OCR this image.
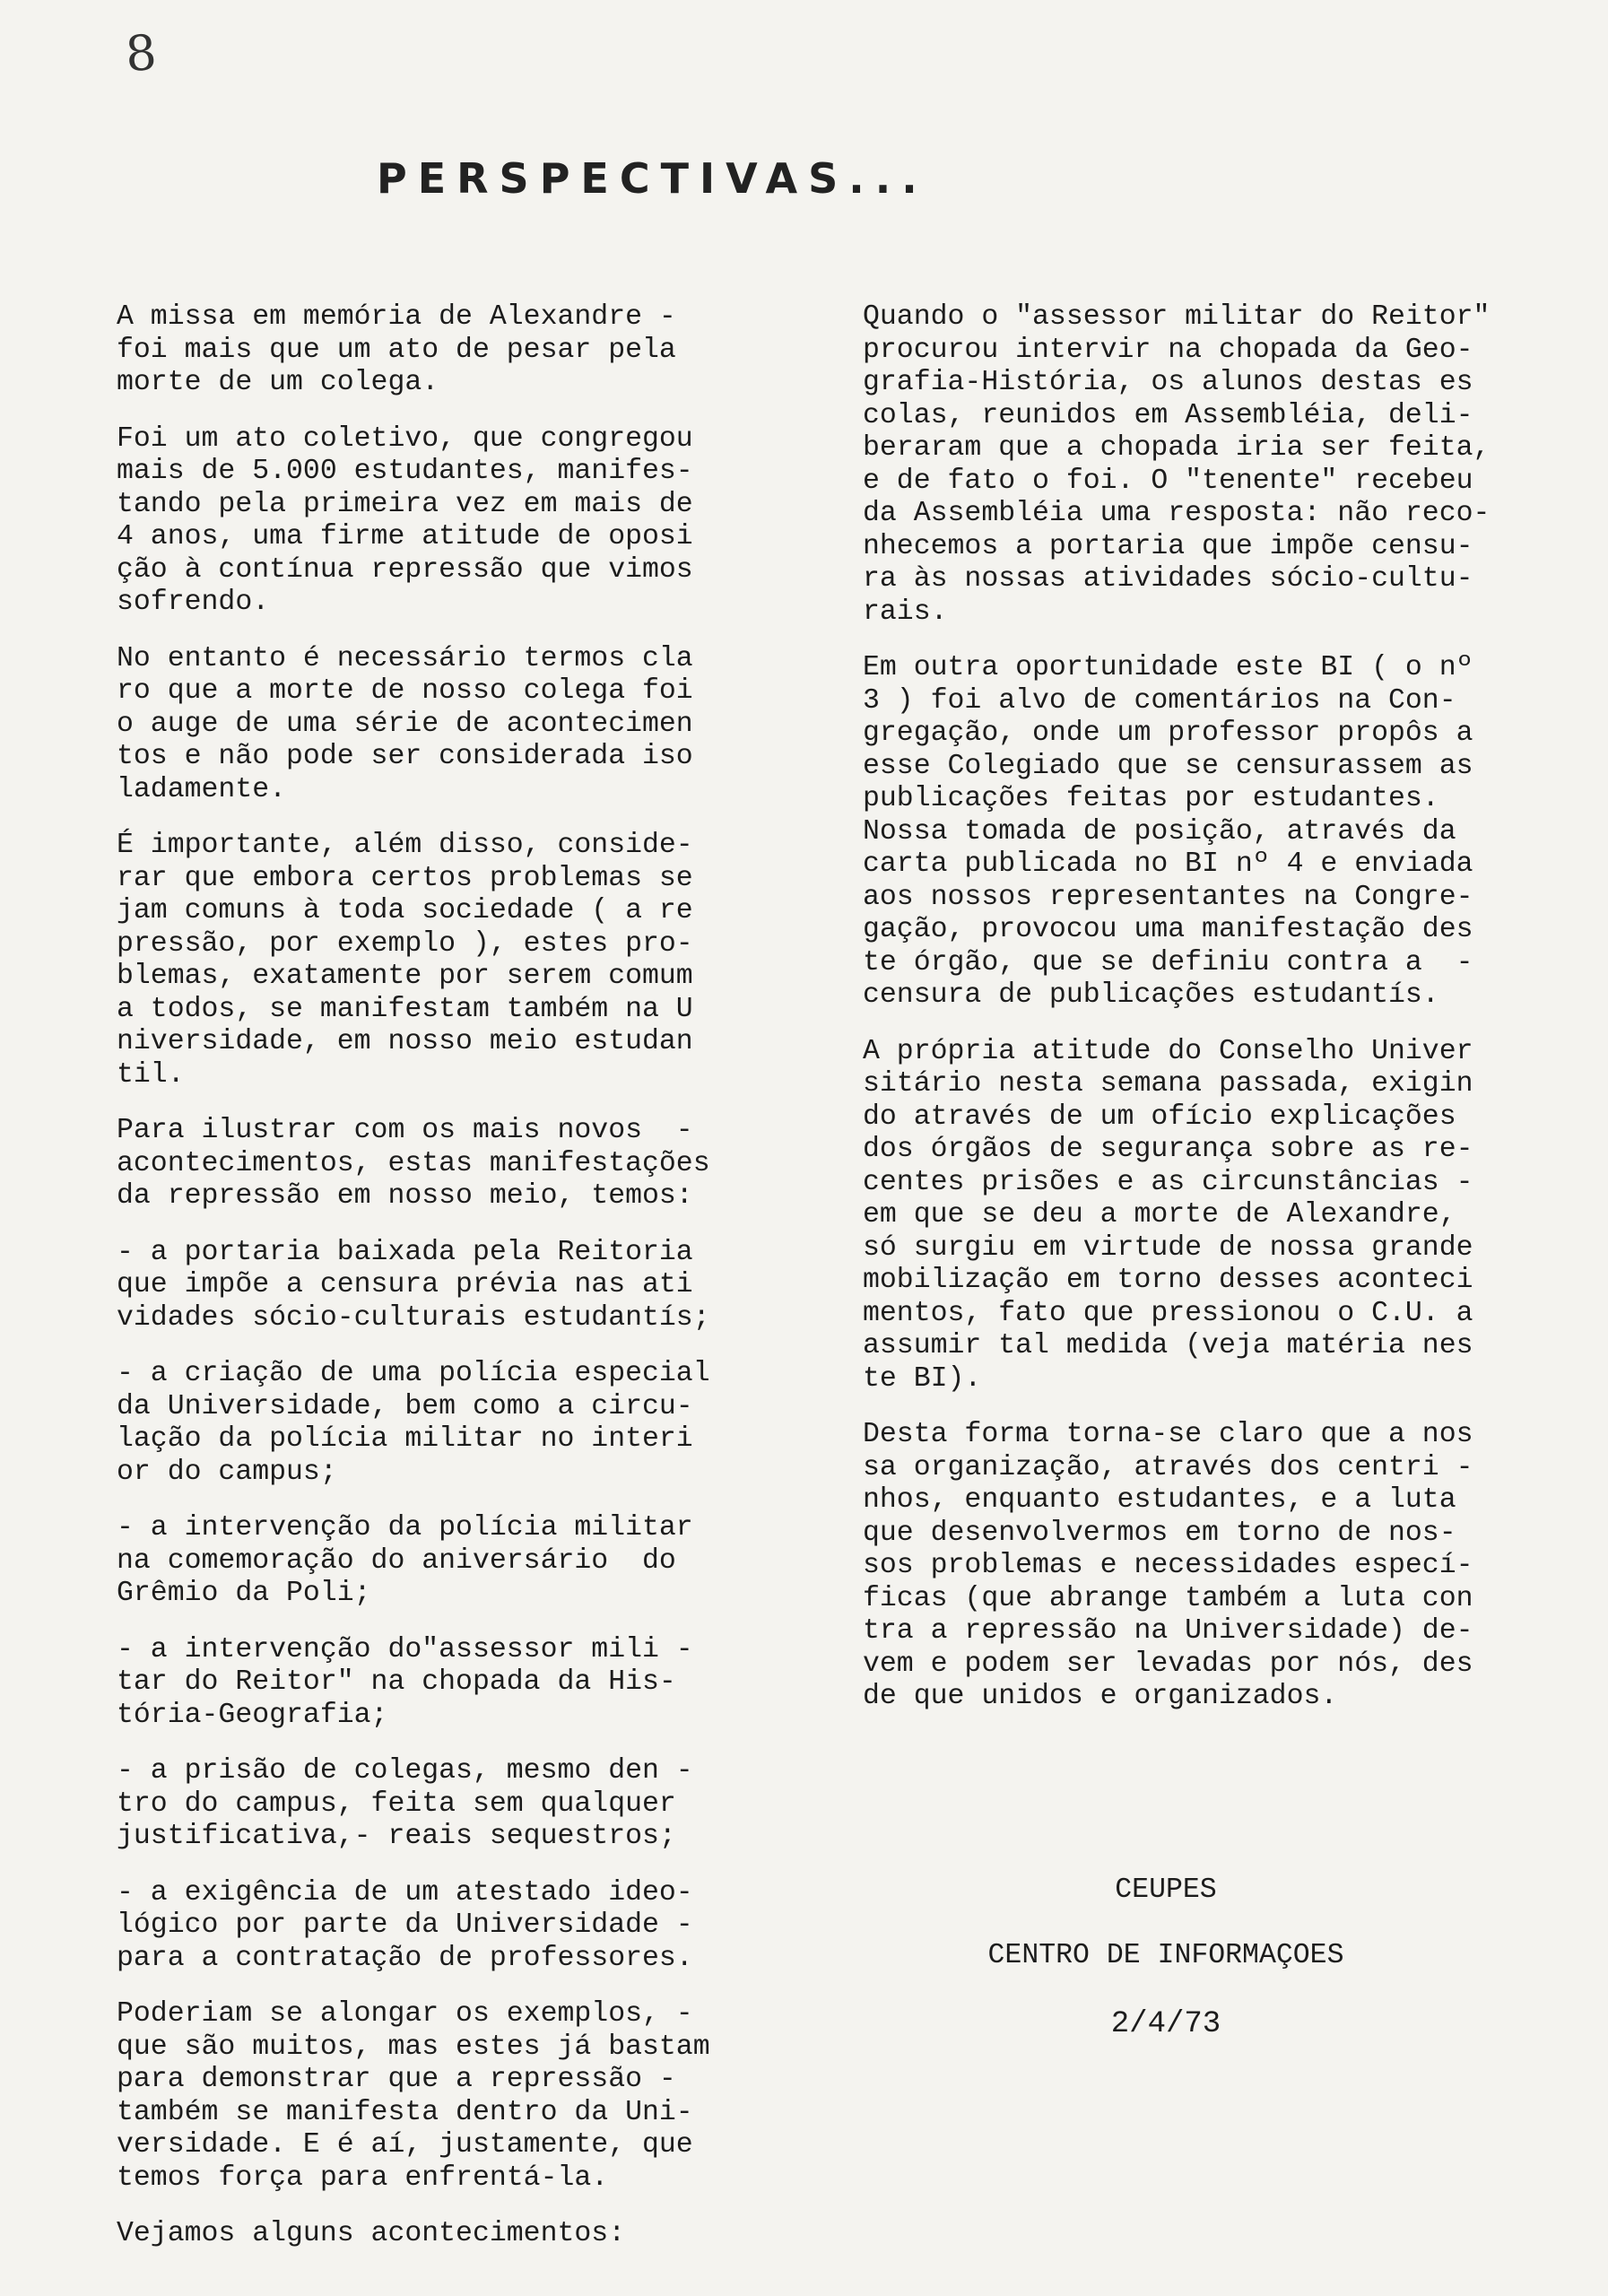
8
PERSPECTIVAS...
A missa em memória de Alexandre -
foi mais que um ato de pesar pela
morte de um colega.
Foi um ato coletivo, que congregou
mais de 5.000 estudantes, manifes-
tando pela primeira vez em mais de
4 anos, uma firme atitude de oposi
ção à contínua repressão que vimos
sofrendo.
No entanto é necessário termos cla
ro que a morte de nosso colega foi
o auge de uma série de acontecimen
tos e não pode ser considerada iso
ladamente.
É importante, além disso, conside-
rar que embora certos problemas se
jam comuns à toda sociedade ( a re
pressão, por exemplo ), estes pro-
blemas, exatamente por serem comum
a todos, se manifestam também na U
niversidade, em nosso meio estudan
til.
Para ilustrar com os mais novos  -
acontecimentos, estas manifestações
da repressão em nosso meio, temos:
- a portaria baixada pela Reitoria
que impõe a censura prévia nas ati
vidades sócio-culturais estudantís;
- a criação de uma polícia especial
da Universidade, bem como a circu-
lação da polícia militar no interi
or do campus;
- a intervenção da polícia militar
na comemoração do aniversário  do
Grêmio da Poli;
- a intervenção do"assessor mili -
tar do Reitor" na chopada da His-
tória-Geografia;
- a prisão de colegas, mesmo den -
tro do campus, feita sem qualquer
justificativa,- reais sequestros;
- a exigência de um atestado ideo-
lógico por parte da Universidade -
para a contratação de professores.
Poderiam se alongar os exemplos, -
que são muitos, mas estes já bastam
para demonstrar que a repressão -
também se manifesta dentro da Uni-
versidade. E é aí, justamente, que
temos força para enfrentá-la.
Vejamos alguns acontecimentos:
Quando o "assessor militar do Reitor"
procurou intervir na chopada da Geo-
grafia-História, os alunos destas es
colas, reunidos em Assembléia, deli-
beraram que a chopada iria ser feita,
e de fato o foi. O "tenente" recebeu
da Assembléia uma resposta: não reco-
nhecemos a portaria que impõe censu-
ra às nossas atividades sócio-cultu-
rais.
Em outra oportunidade este BI ( o nº
3 ) foi alvo de comentários na Con-
gregação, onde um professor propôs a
esse Colegiado que se censurassem as
publicações feitas por estudantes.
Nossa tomada de posição, através da
carta publicada no BI nº 4 e enviada
aos nossos representantes na Congre-
gação, provocou uma manifestação des
te órgão, que se definiu contra a  -
censura de publicações estudantís.
A própria atitude do Conselho Univer
sitário nesta semana passada, exigin
do através de um ofício explicações
dos órgãos de segurança sobre as re-
centes prisões e as circunstâncias -
em que se deu a morte de Alexandre,
só surgiu em virtude de nossa grande
mobilização em torno desses aconteci
mentos, fato que pressionou o C.U. a
assumir tal medida (veja matéria nes
te BI).
Desta forma torna-se claro que a nos
sa organização, através dos centri -
nhos, enquanto estudantes, e a luta
que desenvolvermos em torno de nos-
sos problemas e necessidades especí-
ficas (que abrange também a luta con
tra a repressão na Universidade) de-
vem e podem ser levadas por nós, des
de que unidos e organizados.
CEUPES
CENTRO DE INFORMAÇOES
2/4/73
